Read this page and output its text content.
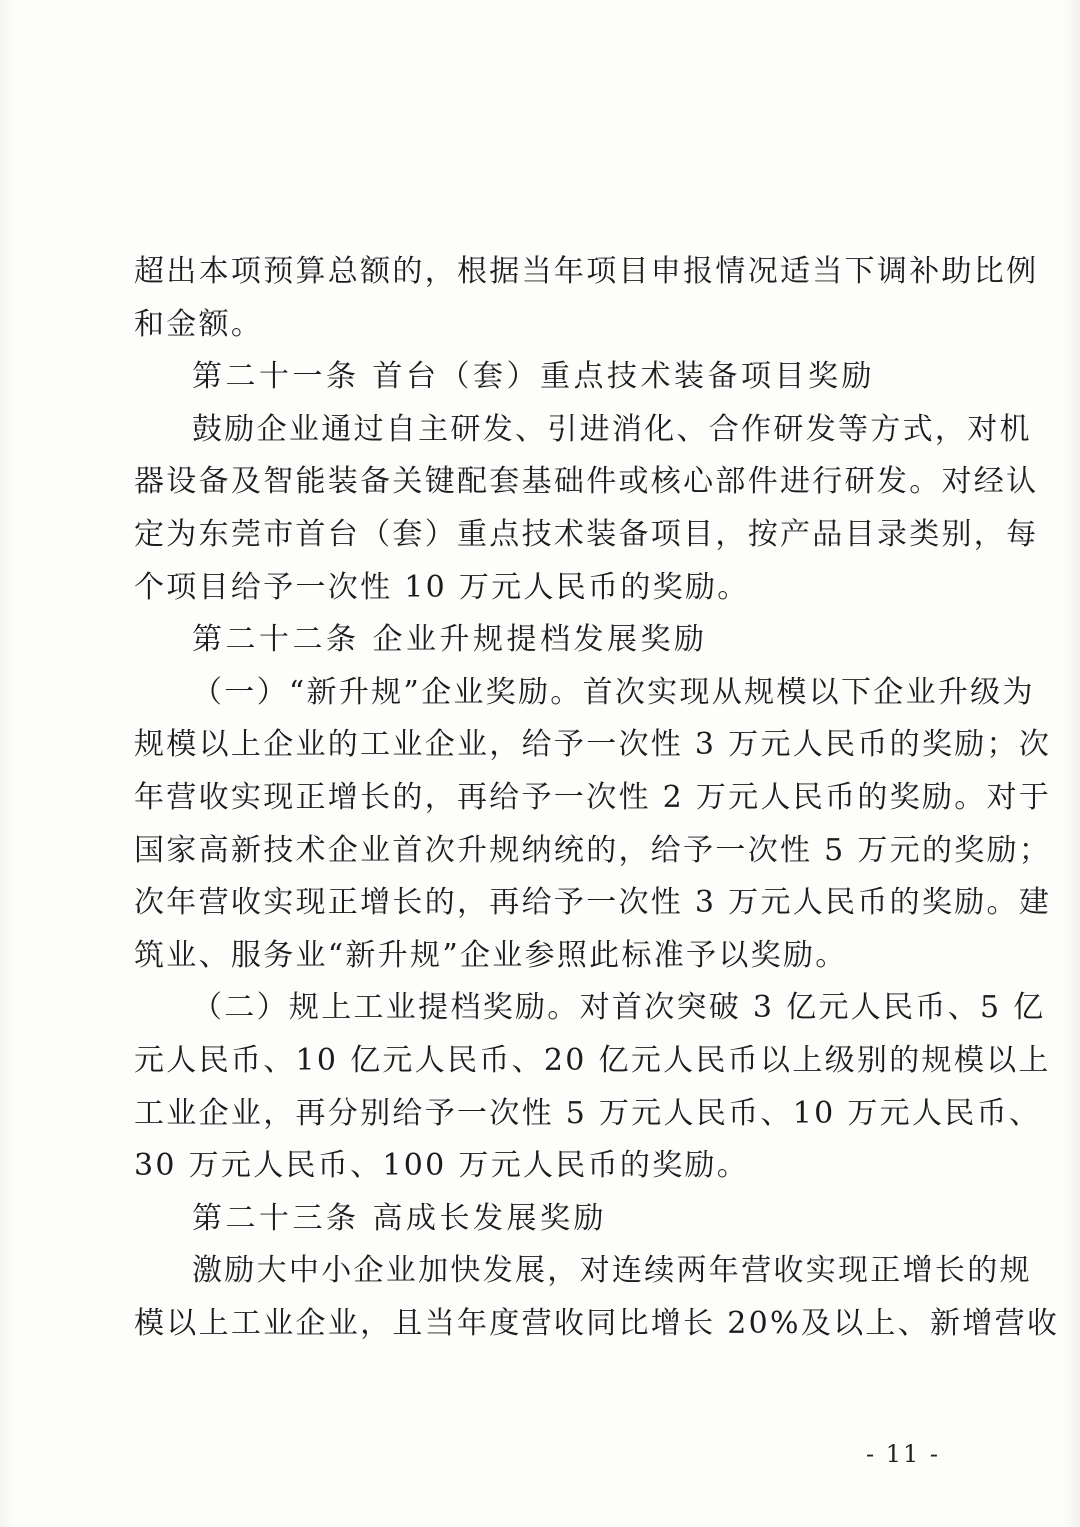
超出本项预算总额的，根据当年项目申报情况适当下调补助比例
和金额。
第二十一条 首台（套）重点技术装备项目奖励
鼓励企业通过自主研发、引进消化、合作研发等方式，对机
器设备及智能装备关键配套基础件或核心部件进行研发。对经认
定为东莞市首台（套）重点技术装备项目，按产品目录类别，每
个项目给予一次性 10 万元人民币的奖励。
第二十二条 企业升规提档发展奖励
（一）“新升规”企业奖励。首次实现从规模以下企业升级为
规模以上企业的工业企业，给予一次性 3 万元人民币的奖励；次
年营收实现正增长的，再给予一次性 2 万元人民币的奖励。对于
国家高新技术企业首次升规纳统的，给予一次性 5 万元的奖励；
次年营收实现正增长的，再给予一次性 3 万元人民币的奖励。建
筑业、服务业“新升规”企业参照此标准予以奖励。
（二）规上工业提档奖励。对首次突破 3 亿元人民币、5 亿
元人民币、10 亿元人民币、20 亿元人民币以上级别的规模以上
工业企业，再分别给予一次性 5 万元人民币、10 万元人民币、
30 万元人民币、100 万元人民币的奖励。
第二十三条 高成长发展奖励
激励大中小企业加快发展，对连续两年营收实现正增长的规
模以上工业企业，且当年度营收同比增长 20%及以上、新增营收

- 11 -
